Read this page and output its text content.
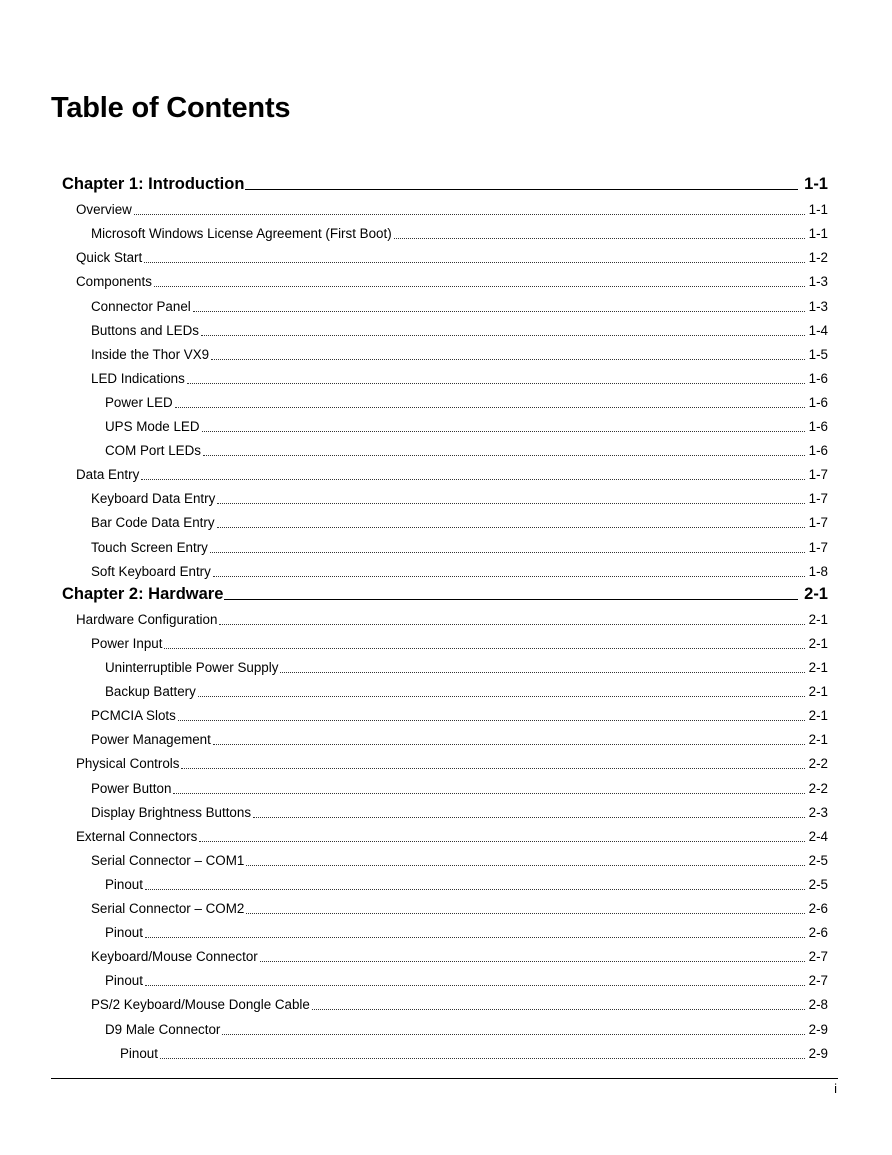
Table of Contents
Chapter 1: Introduction	1-1
Overview	1-1
Microsoft Windows License Agreement (First Boot)	1-1
Quick Start	1-2
Components	1-3
Connector Panel	1-3
Buttons and LEDs	1-4
Inside the Thor VX9	1-5
LED Indications	1-6
Power LED	1-6
UPS Mode LED	1-6
COM Port LEDs	1-6
Data Entry	1-7
Keyboard Data Entry	1-7
Bar Code Data Entry	1-7
Touch Screen Entry	1-7
Soft Keyboard Entry	1-8
Chapter 2: Hardware	2-1
Hardware Configuration	2-1
Power Input	2-1
Uninterruptible Power Supply	2-1
Backup Battery	2-1
PCMCIA Slots	2-1
Power Management	2-1
Physical Controls	2-2
Power Button	2-2
Display Brightness Buttons	2-3
External Connectors	2-4
Serial Connector – COM1	2-5
Pinout	2-5
Serial Connector – COM2	2-6
Pinout	2-6
Keyboard/Mouse Connector	2-7
Pinout	2-7
PS/2 Keyboard/Mouse Dongle Cable	2-8
D9 Male Connector	2-9
Pinout	2-9
i
